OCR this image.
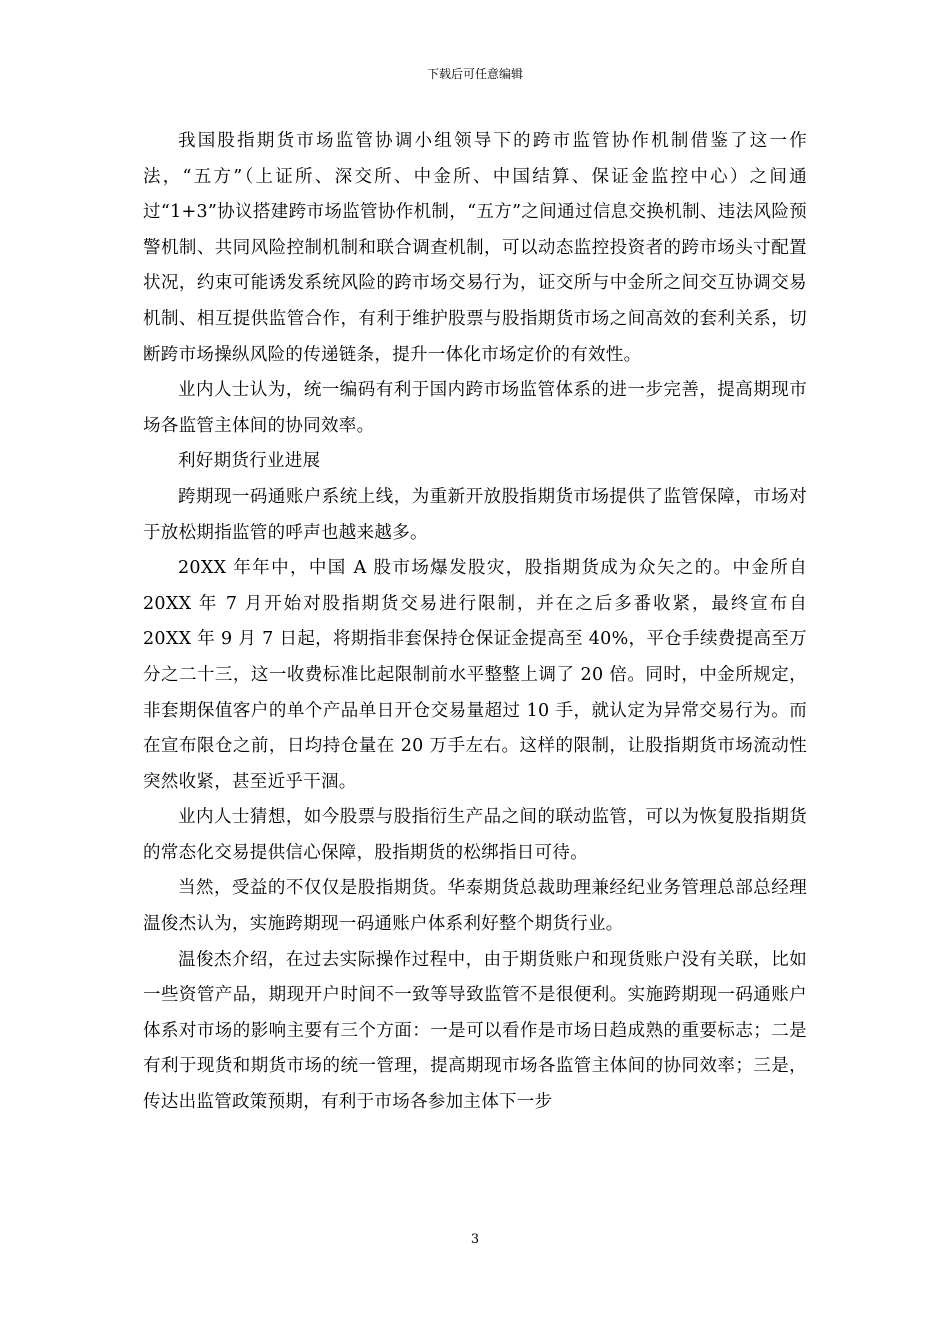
下载后可任意编辑

我国股指期货市场监管协调小组领导下的跨市监管协作机制借鉴了这一作法，“五方”（上证所、深交所、中金所、中国结算、保证金监控中心）之间通过“1+3”协议搭建跨市场监管协作机制，“五方”之间通过信息交换机制、违法风险预警机制、共同风险控制机制和联合调查机制，可以动态监控投资者的跨市场头寸配置状况，约束可能诱发系统风险的跨市场交易行为，证交所与中金所之间交互协调交易机制、相互提供监管合作，有利于维护股票与股指期货市场之间高效的套利关系，切断跨市场操纵风险的传递链条，提升一体化市场定价的有效性。

业内人士认为，统一编码有利于国内跨市场监管体系的进一步完善，提高期现市场各监管主体间的协同效率。

利好期货行业进展

跨期现一码通账户系统上线，为重新开放股指期货市场提供了监管保障，市场对于放松期指监管的呼声也越来越多。

20XX 年年中，中国 A 股市场爆发股灾，股指期货成为众矢之的。中金所自 20XX 年 7 月开始对股指期货交易进行限制，并在之后多番收紧，最终宣布自 20XX 年 9 月 7 日起，将期指非套保持仓保证金提高至 40%，平仓手续费提高至万分之二十三，这一收费标准比起限制前水平整整上调了 20 倍。同时，中金所规定，非套期保值客户的单个产品单日开仓交易量超过 10 手，就认定为异常交易行为。而在宣布限仓之前，日均持仓量在 20 万手左右。这样的限制，让股指期货市场流动性突然收紧，甚至近乎干涸。

业内人士猜想，如今股票与股指衍生产品之间的联动监管，可以为恢复股指期货的常态化交易提供信心保障，股指期货的松绑指日可待。

当然，受益的不仅仅是股指期货。华泰期货总裁助理兼经纪业务管理总部总经理温俊杰认为，实施跨期现一码通账户体系利好整个期货行业。

温俊杰介绍，在过去实际操作过程中，由于期货账户和现货账户没有关联，比如一些资管产品，期现开户时间不一致等导致监管不是很便利。实施跨期现一码通账户体系对市场的影响主要有三个方面：一是可以看作是市场日趋成熟的重要标志；二是有利于现货和期货市场的统一管理，提高期现市场各监管主体间的协同效率；三是，传达出监管政策预期，有利于市场各参加主体下一步

3
